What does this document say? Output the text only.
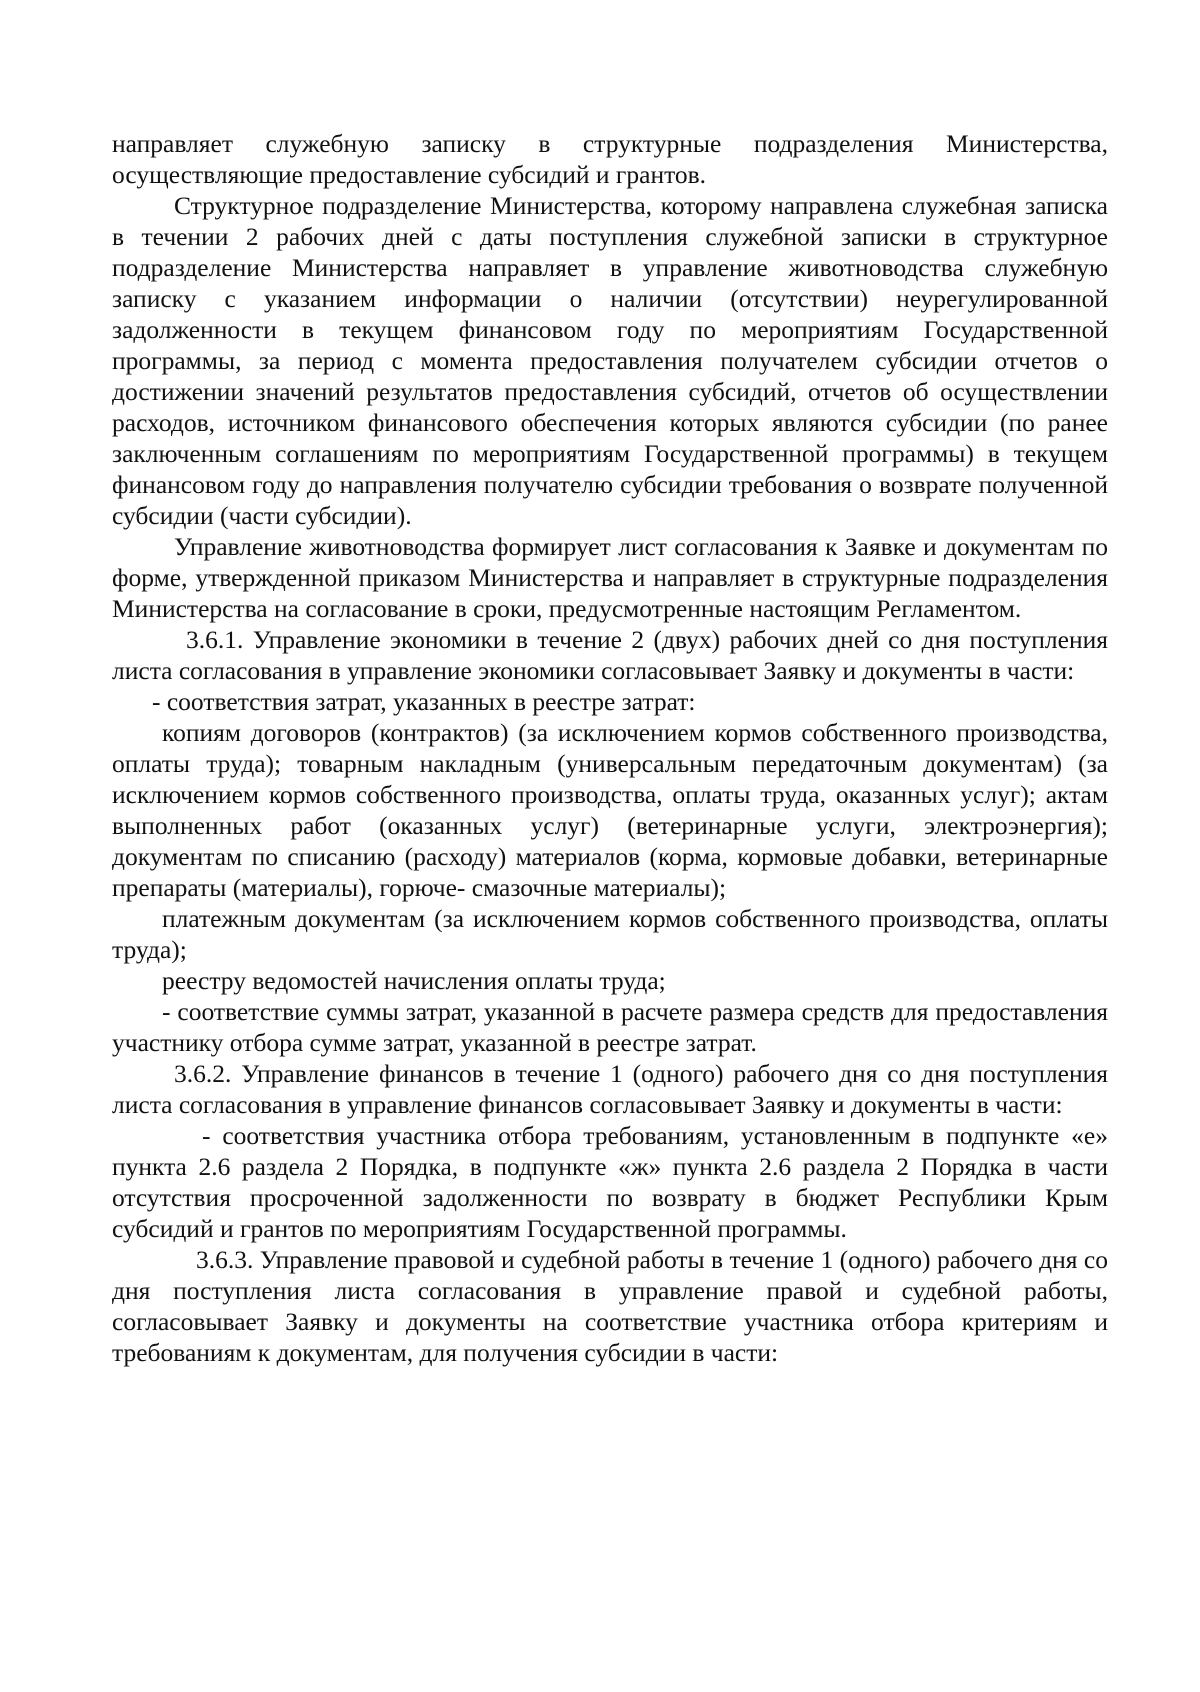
направляет служебную записку в структурные подразделения Министерства, осуществляющие предоставление субсидий и грантов.

Структурное подразделение Министерства, которому направлена служебная записка в течении 2 рабочих дней с даты поступления служебной записки в структурное подразделение Министерства направляет в управление животноводства служебную записку с указанием информации о наличии (отсутствии) неурегулированной задолженности в текущем финансовом году по мероприятиям Государственной программы, за период с момента предоставления получателем субсидии отчетов о достижении значений результатов предоставления субсидий, отчетов об осуществлении расходов, источником финансового обеспечения которых являются субсидии (по ранее заключенным соглашениям по мероприятиям Государственной программы) в текущем финансовом году до направления получателю субсидии требования о возврате полученной субсидии (части субсидии).

Управление животноводства формирует лист согласования к Заявке и документам по форме, утвержденной приказом Министерства и направляет в структурные подразделения Министерства на согласование в сроки, предусмотренные настоящим Регламентом.

3.6.1. Управление экономики в течение 2 (двух) рабочих дней со дня поступления листа согласования в управление экономики согласовывает Заявку и документы в части:

- соответствия затрат, указанных в реестре затрат:

копиям договоров (контрактов) (за исключением кормов собственного производства, оплаты труда); товарным накладным (универсальным передаточным документам) (за исключением кормов собственного производства, оплаты труда, оказанных услуг); актам выполненных работ (оказанных услуг) (ветеринарные услуги, электроэнергия); документам по списанию (расходу) материалов (корма, кормовые добавки, ветеринарные препараты (материалы), горюче- смазочные материалы);

платежным документам (за исключением кормов собственного производства, оплаты труда);

реестру ведомостей начисления оплаты труда;

- соответствие суммы затрат, указанной в расчете размера средств для предоставления участнику отбора сумме затрат, указанной в реестре затрат.

3.6.2. Управление финансов в течение 1 (одного) рабочего дня со дня поступления листа согласования в управление финансов согласовывает Заявку и документы в части:

- соответствия участника отбора требованиям, установленным в подпункте «е» пункта 2.6 раздела 2 Порядка, в подпункте «ж» пункта 2.6 раздела 2 Порядка в части отсутствия просроченной задолженности по возврату в бюджет Республики Крым субсидий и грантов по мероприятиям Государственной программы.

3.6.3. Управление правовой и судебной работы в течение 1 (одного) рабочего дня со дня поступления листа согласования в управление правой и судебной работы, согласовывает Заявку и документы на соответствие участника отбора критериям и требованиям к документам, для получения субсидии в части:
